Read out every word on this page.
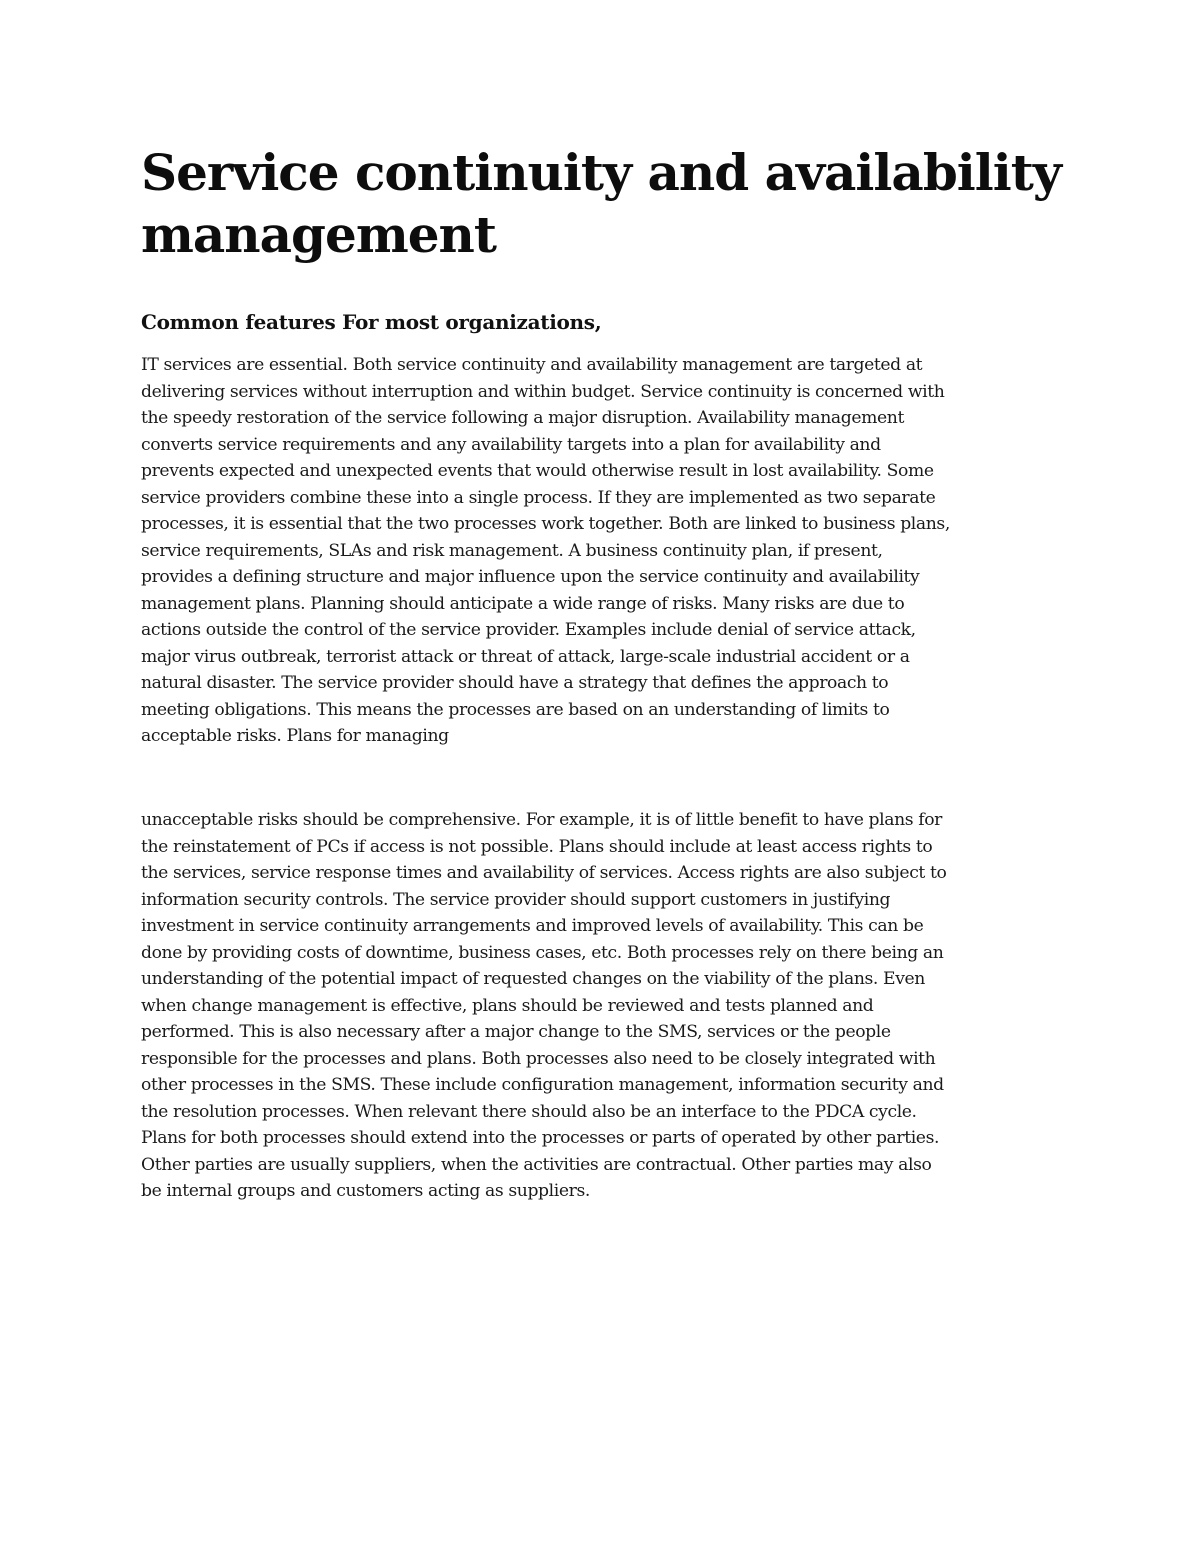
Service continuity and availability management
Common features For most organizations,

IT services are essential. Both service continuity and availability management are targeted at
delivering services without interruption and within budget. Service continuity is concerned with
the speedy restoration of the service following a major disruption. Availability management
converts service requirements and any availability targets into a plan for availability and
prevents expected and unexpected events that would otherwise result in lost availability. Some
service providers combine these into a single process. If they are implemented as two separate
processes, it is essential that the two processes work together. Both are linked to business plans,
service requirements, SLAs and risk management. A business continuity plan, if present,
provides a defining structure and major influence upon the service continuity and availability
management plans. Planning should anticipate a wide range of risks. Many risks are due to
actions outside the control of the service provider. Examples include denial of service attack,
major virus outbreak, terrorist attack or threat of attack, large-scale industrial accident or a
natural disaster. The service provider should have a strategy that defines the approach to
meeting obligations. This means the processes are based on an understanding of limits to
acceptable risks. Plans for managing

unacceptable risks should be comprehensive. For example, it is of little benefit to have plans for
the reinstatement of PCs if access is not possible. Plans should include at least access rights to
the services, service response times and availability of services. Access rights are also subject to
information security controls. The service provider should support customers in justifying
investment in service continuity arrangements and improved levels of availability. This can be
done by providing costs of downtime, business cases, etc. Both processes rely on there being an
understanding of the potential impact of requested changes on the viability of the plans. Even
when change management is effective, plans should be reviewed and tests planned and
performed. This is also necessary after a major change to the SMS, services or the people
responsible for the processes and plans. Both processes also need to be closely integrated with
other processes in the SMS. These include configuration management, information security and
the resolution processes. When relevant there should also be an interface to the PDCA cycle.
Plans for both processes should extend into the processes or parts of operated by other parties.
Other parties are usually suppliers, when the activities are contractual. Other parties may also
be internal groups and customers acting as suppliers.
